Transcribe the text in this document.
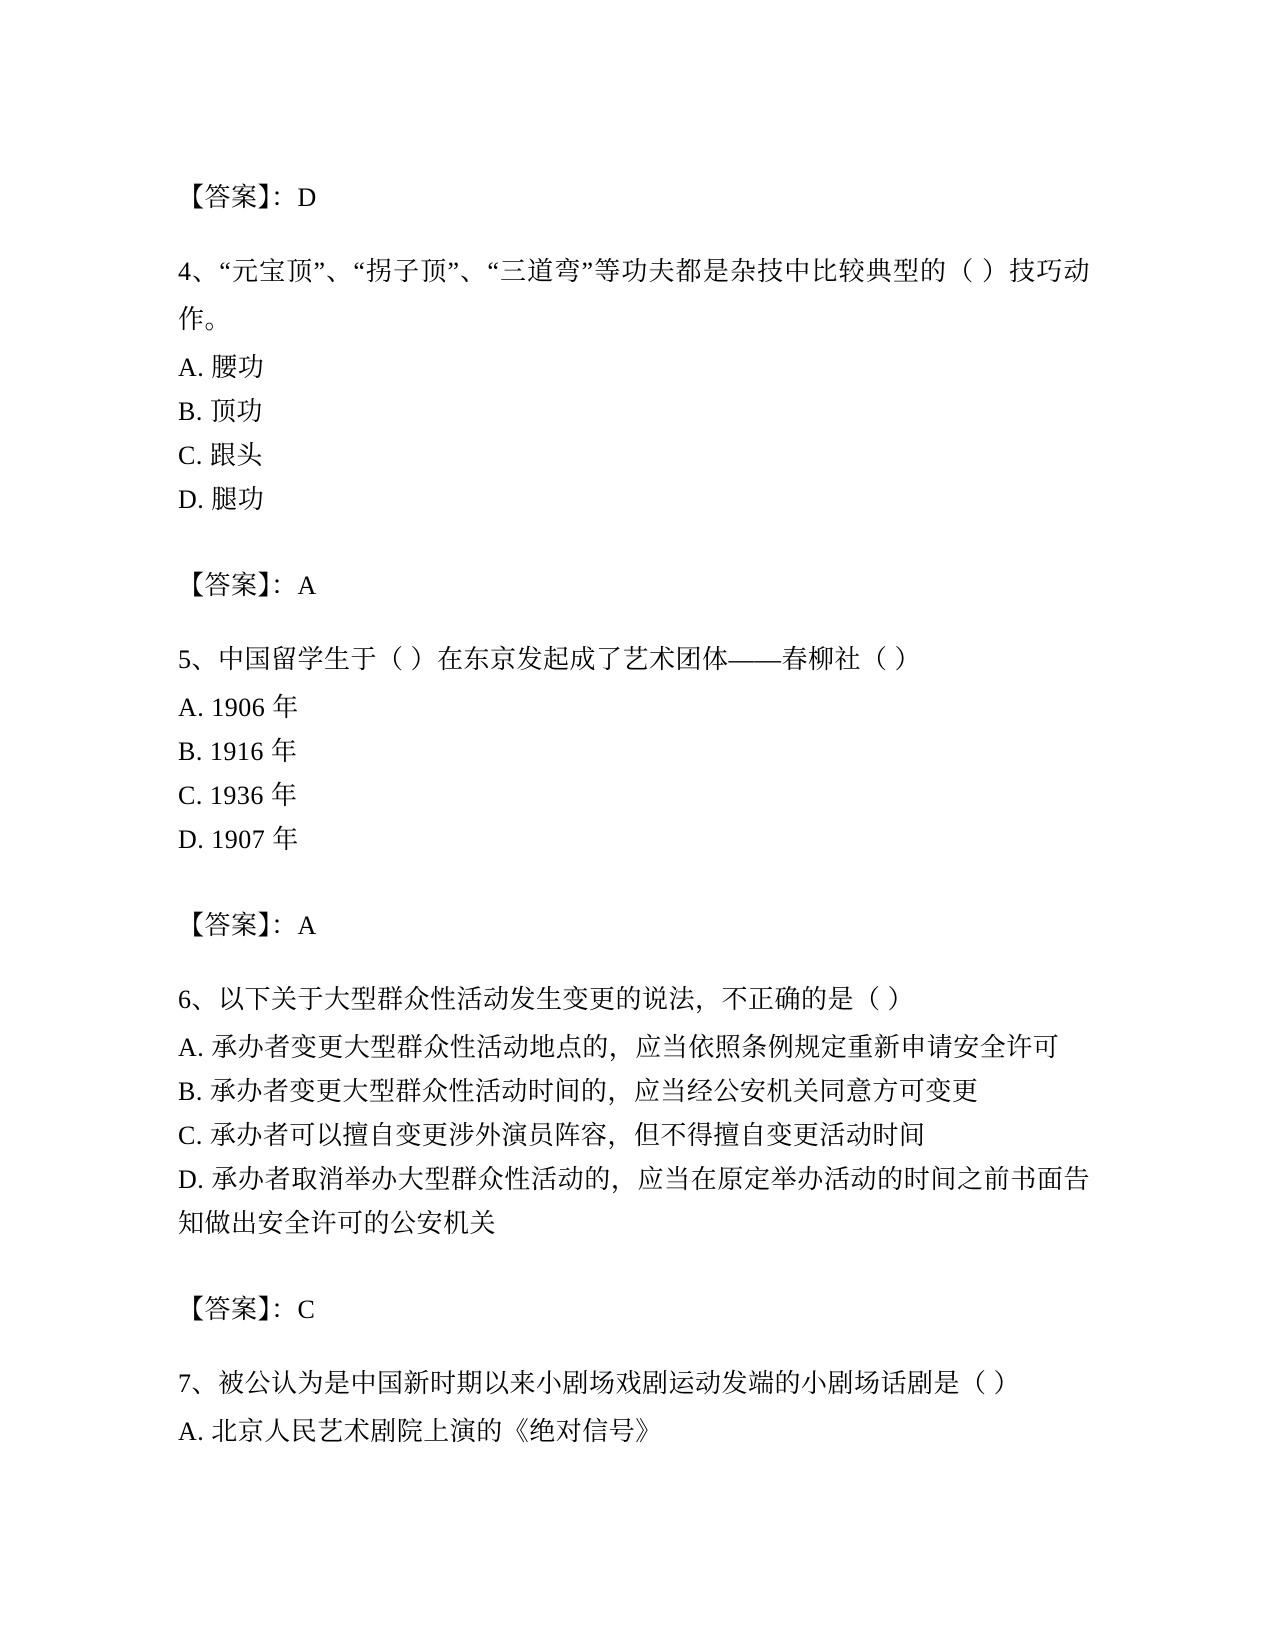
【答案】：D
4、“元宝顶”、“拐子顶”、“三道弯”等功夫都是杂技中比较典型的（ ）技巧动作。
A. 腰功
B. 顶功
C. 跟头
D. 腿功
【答案】：A
5、中国留学生于（ ）在东京发起成了艺术团体——春柳社（ ）
A. 1906 年
B. 1916 年
C. 1936 年
D. 1907 年
【答案】：A
6、以下关于大型群众性活动发生变更的说法，不正确的是（ ）
A. 承办者变更大型群众性活动地点的，应当依照条例规定重新申请安全许可
B. 承办者变更大型群众性活动时间的，应当经公安机关同意方可变更
C. 承办者可以擅自变更涉外演员阵容，但不得擅自变更活动时间
D. 承办者取消举办大型群众性活动的，应当在原定举办活动的时间之前书面告知做出安全许可的公安机关
【答案】：C
7、被公认为是中国新时期以来小剧场戏剧运动发端的小剧场话剧是（ ）
A. 北京人民艺术剧院上演的《绝对信号》
